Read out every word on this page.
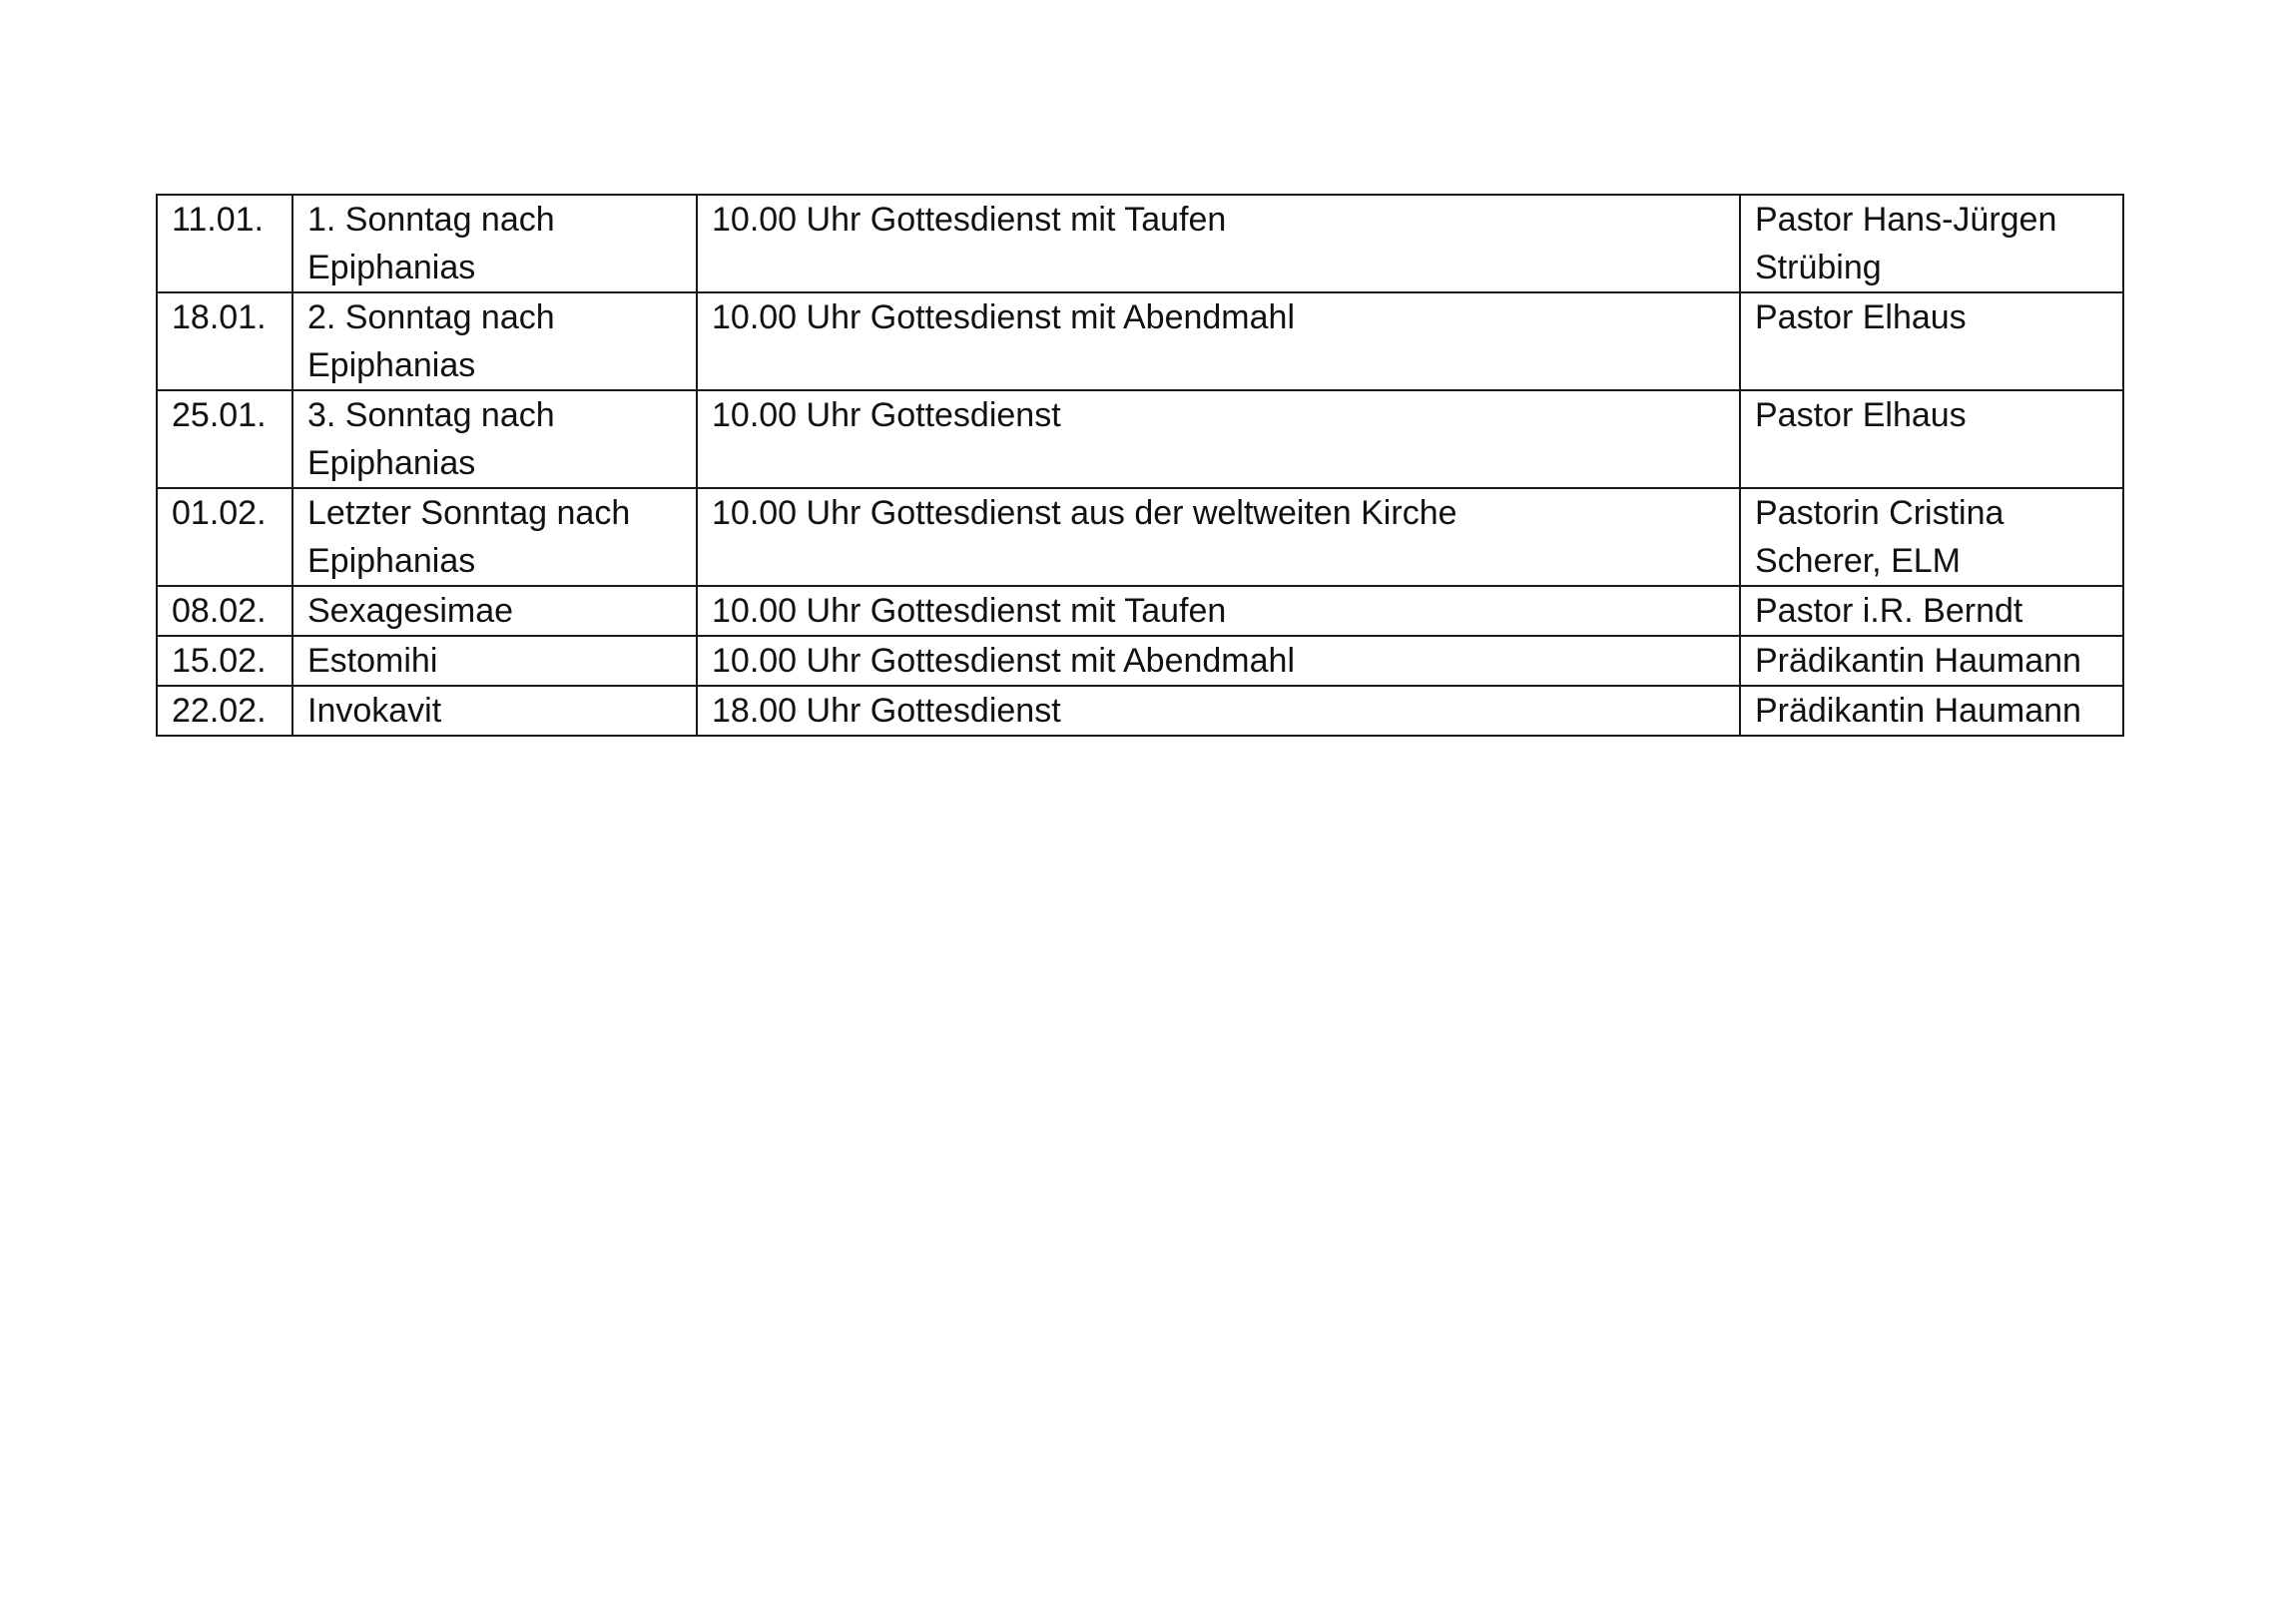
11.01.	1. Sonntag nach Epiphanias	10.00 Uhr Gottesdienst mit Taufen	Pastor Hans-Jürgen Strübing
18.01.	2. Sonntag nach Epiphanias	10.00 Uhr Gottesdienst mit Abendmahl	Pastor Elhaus
25.01.	3. Sonntag nach Epiphanias	10.00 Uhr Gottesdienst	Pastor Elhaus
01.02.	Letzter Sonntag nach Epiphanias	10.00 Uhr Gottesdienst aus der weltweiten Kirche	Pastorin Cristina Scherer, ELM
08.02.	Sexagesimae	10.00 Uhr Gottesdienst mit Taufen	Pastor i.R. Berndt
15.02.	Estomihi	10.00 Uhr Gottesdienst mit Abendmahl	Prädikantin Haumann
22.02.	Invokavit	18.00 Uhr Gottesdienst	Prädikantin Haumann
